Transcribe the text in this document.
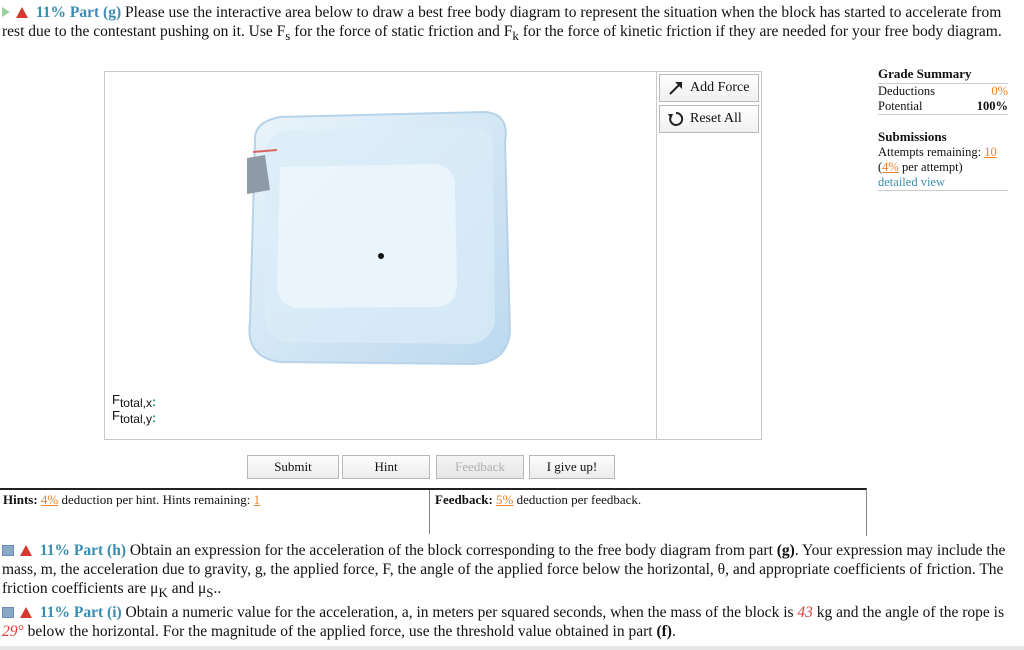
11% Part (g) Please use the interactive area below to draw a best free body diagram to represent the situation when the block has started to accelerate from rest due to the contestant pushing on it. Use $F_s$ for the force of static friction and $F_k$ for the force of kinetic friction if they are needed for your free body diagram.
Ftotal,x:
Ftotal,y:
Add Force
Reset All
Submit	Hint	Feedback	I give up!
Hints: 4% deduction per hint. Hints remaining: 1	Feedback: 5% deduction per feedback.
Grade Summary
Deductions	0%
Potential	100%
Submissions
Attempts remaining: 10
(4% per attempt)
detailed view
11% Part (h) Obtain an expression for the acceleration of the block corresponding to the free body diagram from part (g). Your expression may include the mass, m, the acceleration due to gravity, g, the applied force, F, the angle of the applied force below the horizontal, θ, and appropriate coefficients of friction. The friction coefficients are $\mu_K$ and $\mu_S$..
11% Part (i) Obtain a numeric value for the acceleration, a, in meters per squared seconds, when the mass of the block is 43 kg and the angle of the rope is 29° below the horizontal. For the magnitude of the applied force, use the threshold value obtained in part (f).
